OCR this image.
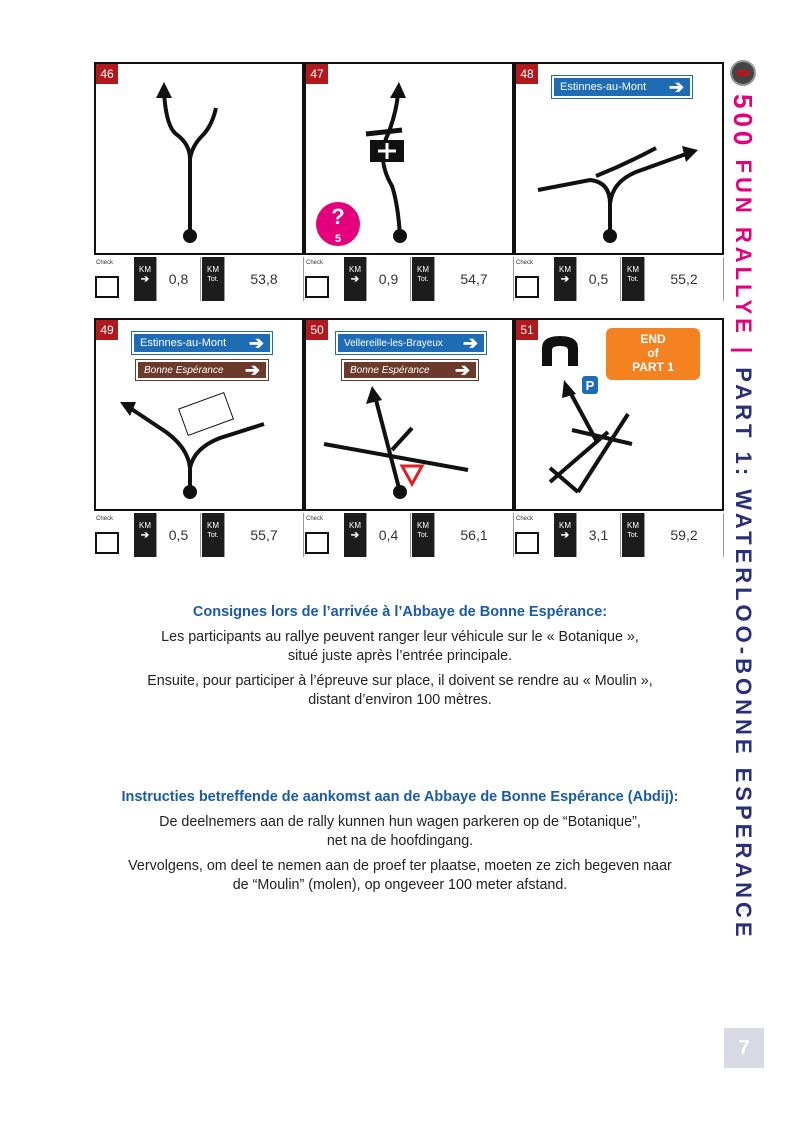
46
Check
KM
➔	0,8
KM
Tot.	53,8
?
5
47
Check
KM
➔	0,9
KM
Tot.	54,7
Estinnes-au-Mont ➔
48
Check
KM
➔	0,5
KM
Tot.	55,2
Estinnes-au-Mont ➔
Bonne Espérance ➔
49
Check
KM
➔	0,5
KM
Tot.	55,7
Vellereille-les-Brayeux ➔
Bonne Espérance ➔
50
Check
KM
➔	0,4
KM
Tot.	56,1
P
END
of
PART 1
51
Check
KM
➔	3,1
KM
Tot.	59,2
Consignes lors de l’arrivée à l’Abbaye de Bonne Espérance:

Les participants au rallye peuvent ranger leur véhicule sur le « Botanique »,
situé juste après l’entrée principale.

Ensuite, pour participer à l’épreuve sur place, il doivent se rendre au « Moulin »,
distant d’environ 100 mètres.

Instructies betreffende de aankomst aan de Abbaye de Bonne Espérance (Abdij):

De deelnemers aan de rally kunnen hun wagen parkeren op de “Botanique”,
net na de hoofdingang.

Vervolgens, om deel te nemen aan de proef ter plaatse, moeten ze zich begeven naar
de “Moulin” (molen), op ongeveer 100 meter afstand.

500 FUN RALLYE | PART 1: WATERLOO-BONNE ESPERANCE
7
